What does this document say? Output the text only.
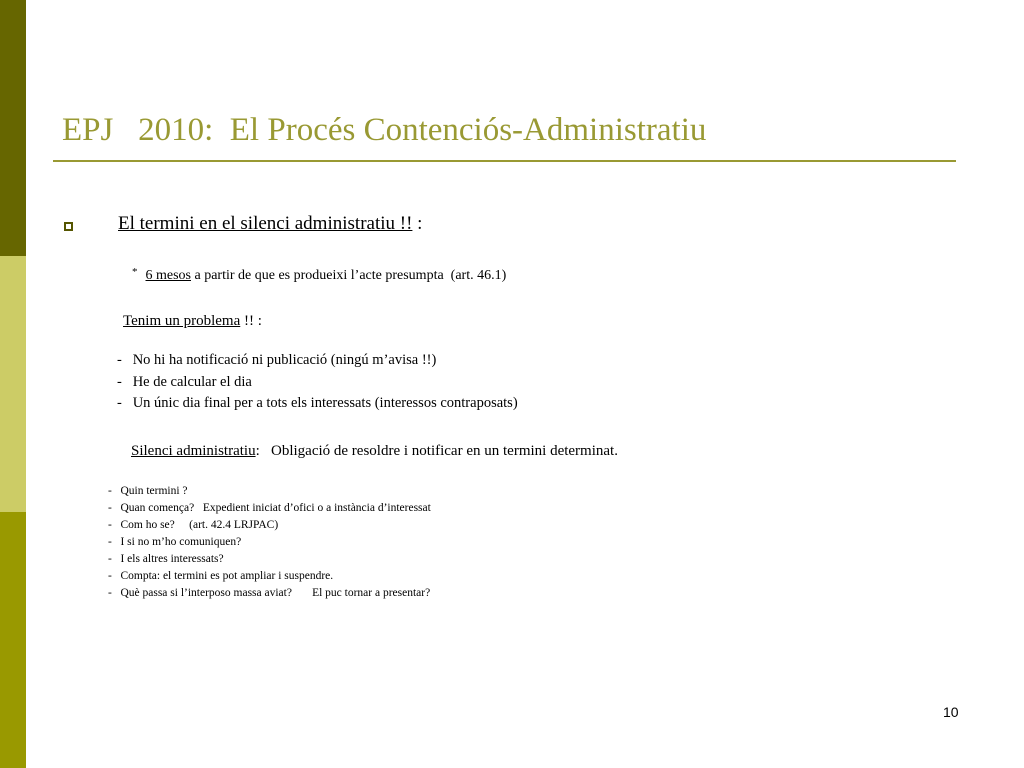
EPJ   2010:  El Procés Contenciós-Administratiu
El termini en el silenci administratiu !! :
* 6 mesos a partir de que es produeixi l’acte presumpta  (art. 46.1)
Tenim un problema !! :
-   No hi ha notificació ni publicació (ningú m’avisa !!)
-   He de calcular el dia
-   Un únic dia final per a tots els interessats (interessos contraposats)
Silenci administratiu:   Obligació de resoldre i notificar en un termini determinat.
-   Quin termini ?
-   Quan comença?   Expedient iniciat d’ofici o a instància d’interessat
-   Com ho se?     (art. 42.4 LRJPAC)
-   I si no m’ho comuniquen?
-   I els altres interessats?
-   Compta: el termini es pot ampliar i suspendre.
-   Què passa si l’interposo massa aviat?       El puc tornar a presentar?
10
